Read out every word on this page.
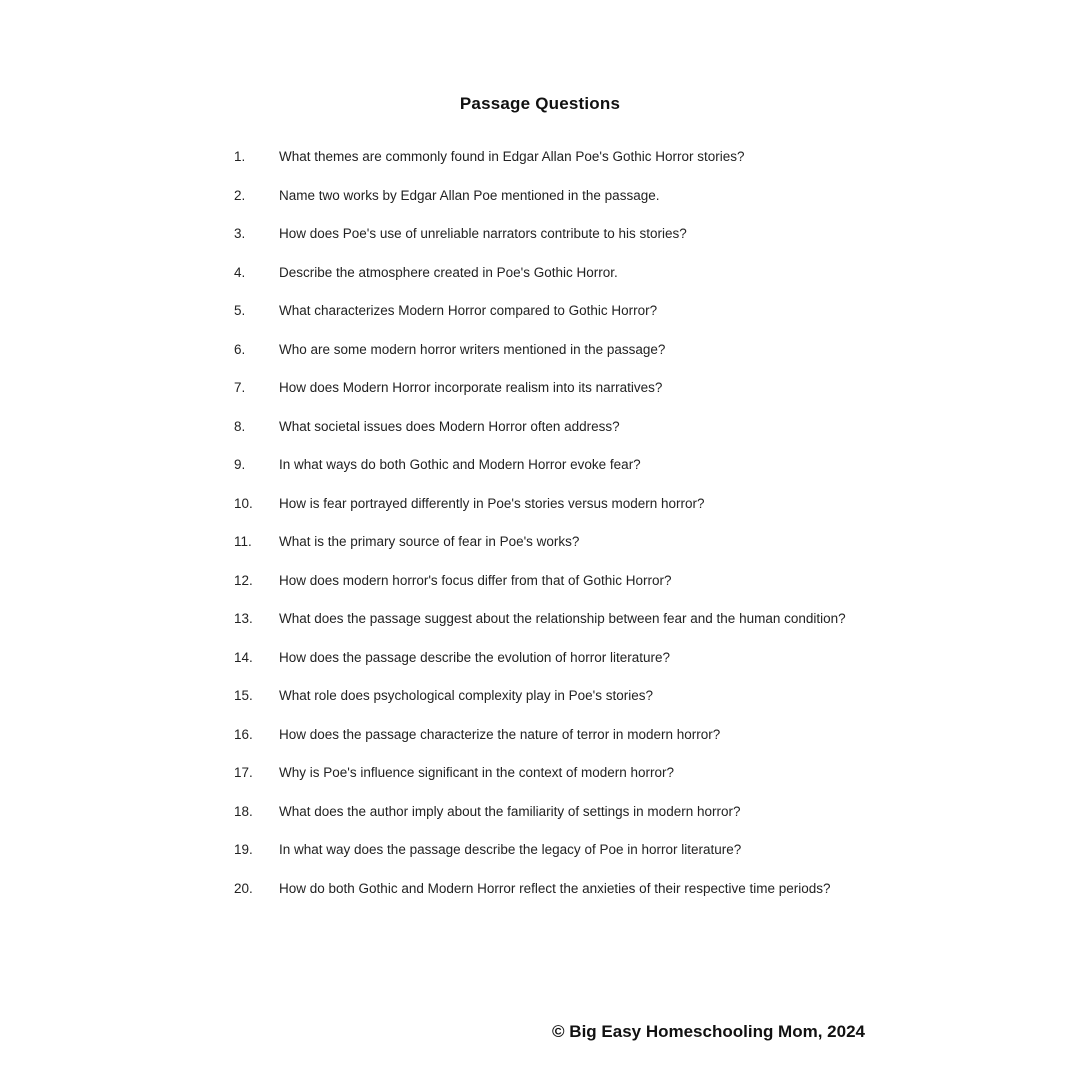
Passage Questions
1.	What themes are commonly found in Edgar Allan Poe's Gothic Horror stories?
2.	Name two works by Edgar Allan Poe mentioned in the passage.
3.	How does Poe's use of unreliable narrators contribute to his stories?
4.	Describe the atmosphere created in Poe's Gothic Horror.
5.	What characterizes Modern Horror compared to Gothic Horror?
6.	Who are some modern horror writers mentioned in the passage?
7.	How does Modern Horror incorporate realism into its narratives?
8.	What societal issues does Modern Horror often address?
9.	In what ways do both Gothic and Modern Horror evoke fear?
10.	How is fear portrayed differently in Poe's stories versus modern horror?
11.	What is the primary source of fear in Poe's works?
12.	How does modern horror's focus differ from that of Gothic Horror?
13.	What does the passage suggest about the relationship between fear and the human condition?
14.	How does the passage describe the evolution of horror literature?
15.	What role does psychological complexity play in Poe's stories?
16.	How does the passage characterize the nature of terror in modern horror?
17.	Why is Poe's influence significant in the context of modern horror?
18.	What does the author imply about the familiarity of settings in modern horror?
19.	In what way does the passage describe the legacy of Poe in horror literature?
20.	How do both Gothic and Modern Horror reflect the anxieties of their respective time periods?
© Big Easy Homeschooling Mom, 2024
